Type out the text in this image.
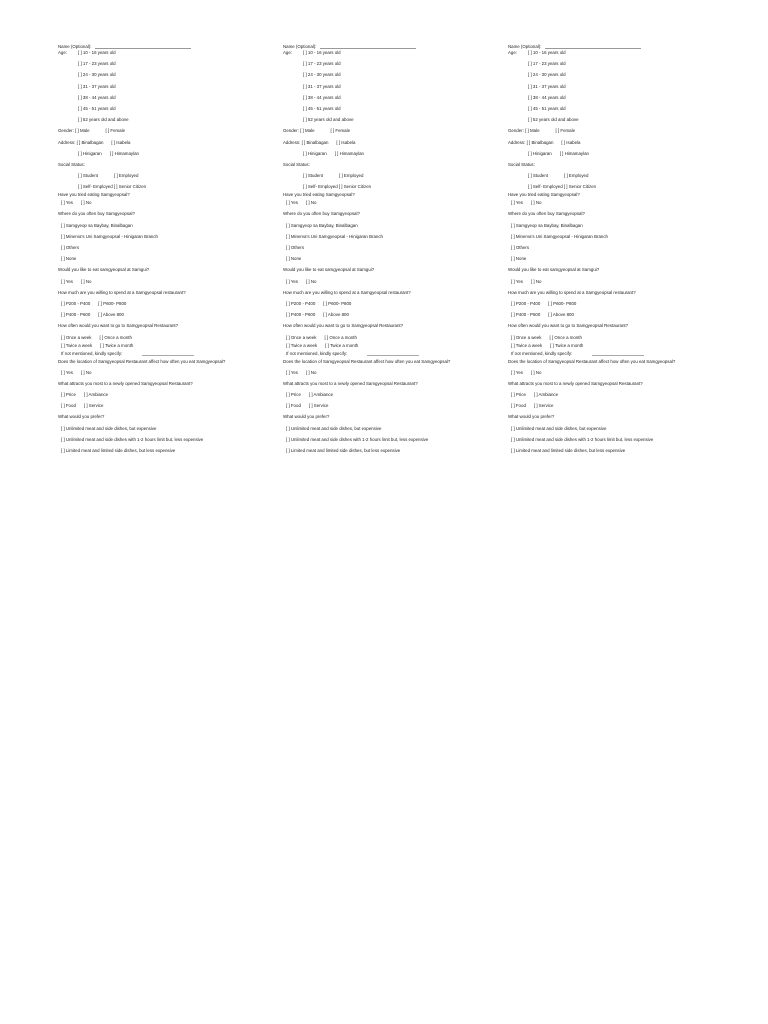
Name (Optional):
Age: [ ] 10 - 16 years old
[ ] 17 - 23 years old
[ ] 24 - 30 years old
[ ] 31 - 37 years old
[ ] 38 - 44 years old
[ ] 45 - 51 years old
[ ] 52 years old and above
Gender: [ ] Male	[ ] Female
Address: [ ] Binalbagan [ ] Isabela
[ ] Hinigaran [ ] Himamaylan
Social Status:
[ ] Student	[ ] Employed
[ ] Self- Employed [ ] Senior Citizen
Have you tried eating Samgyeopsal?
[ ] Yes [ ] No
Where do you often buy Samgyeopsal?
[ ] Samgyeop sa Baybay, Binalbagan
[ ] Minerva's Uni Samgyeopsal - Hinigaran Branch
[ ] Others
[ ] None
Would you like to eat samgyeopsal at Samgui?
[ ] Yes [ ] No
How much are you willing to spend at a Samgyeopsal restaurant?
[ ] P200 - P400 [ ] P600- P800
[ ] P400 - P600 [ ] Above 800
How often would you want to go to Samgyeopsal Restaurant?
[ ] Once a week [ ] Once a month
[ ] Twice a week [ ] Twice a month
If not mentioned, kindly specify:
Does the location of Samgyeopsal Restaurant affect how often you eat Samgyeopsal?
[ ] Yes [ ] No
What attracts you most to a newly opened Samgyeopsal Restaurant?
[ ] Price [ ] Ambiance
[ ] Food [ ] Service
What would you prefer?
[ ] Unlimited meat and side dishes, but expensive
[ ] Unlimited meat and side dishes with 1-2 hours limit but, less expensive
[ ] Limited meat and limited side dishes, but less expensive
Name (Optional):
Age: [ ] 10 - 16 years old
[ ] 17 - 23 years old
[ ] 24 - 30 years old
[ ] 31 - 37 years old
[ ] 38 - 44 years old
[ ] 45 - 51 years old
[ ] 52 years old and above
Gender: [ ] Male	[ ] Female
Address: [ ] Binalbagan [ ] Isabela
[ ] Hinigaran [ ] Himamaylan
Social Status:
[ ] Student	[ ] Employed
[ ] Self- Employed [ ] Senior Citizen
Have you tried eating Samgyeopsal?
[ ] Yes [ ] No
Where do you often buy Samgyeopsal?
[ ] Samgyeop sa Baybay, Binalbagan
[ ] Minerva's Uni Samgyeopsal - Hinigaran Branch
[ ] Others
[ ] None
Would you like to eat samgyeopsal at Samgui?
[ ] Yes [ ] No
How much are you willing to spend at a Samgyeopsal restaurant?
[ ] P200 - P400 [ ] P600- P800
[ ] P400 - P600 [ ] Above 800
How often would you want to go to Samgyeopsal Restaurant?
[ ] Once a week [ ] Once a month
[ ] Twice a week [ ] Twice a month
If not mentioned, kindly specify:
Does the location of Samgyeopsal Restaurant affect how often you eat Samgyeopsal?
[ ] Yes [ ] No
What attracts you most to a newly opened Samgyeopsal Restaurant?
[ ] Price [ ] Ambiance
[ ] Food [ ] Service
What would you prefer?
[ ] Unlimited meat and side dishes, but expensive
[ ] Unlimited meat and side dishes with 1-2 hours limit but, less expensive
[ ] Limited meat and limited side dishes, but less expensive
Name (Optional):
Age: [ ] 10 - 16 years old
[ ] 17 - 23 years old
[ ] 24 - 30 years old
[ ] 31 - 37 years old
[ ] 38 - 44 years old
[ ] 45 - 51 years old
[ ] 52 years old and above
Gender: [ ] Male	[ ] Female
Address: [ ] Binalbagan [ ] Isabela
[ ] Hinigaran [ ] Himamaylan
Social Status:
[ ] Student	[ ] Employed
[ ] Self- Employed [ ] Senior Citizen
Have you tried eating Samgyeopsal?
[ ] Yes [ ] No
Where do you often buy Samgyeopsal?
[ ] Samgyeop sa Baybay, Binalbagan
[ ] Minerva's Uni Samgyeopsal - Hinigaran Branch
[ ] Others
[ ] None
Would you like to eat samgyeopsal at Samgui?
[ ] Yes [ ] No
How much are you willing to spend at a Samgyeopsal restaurant?
[ ] P200 - P400 [ ] P600- P800
[ ] P400 - P600 [ ] Above 800
How often would you want to go to Samgyeopsal Restaurant?
[ ] Once a week [ ] Once a month
[ ] Twice a week [ ] Twice a month
If not mentioned, kindly specify:
Does the location of Samgyeopsal Restaurant affect how often you eat Samgyeopsal?
[ ] Yes [ ] No
What attracts you most to a newly opened Samgyeopsal Restaurant?
[ ] Price [ ] Ambiance
[ ] Food [ ] Service
What would you prefer?
[ ] Unlimited meat and side dishes, but expensive
[ ] Unlimited meat and side dishes with 1-2 hours limit but, less expensive
[ ] Limited meat and limited side dishes, but less expensive
